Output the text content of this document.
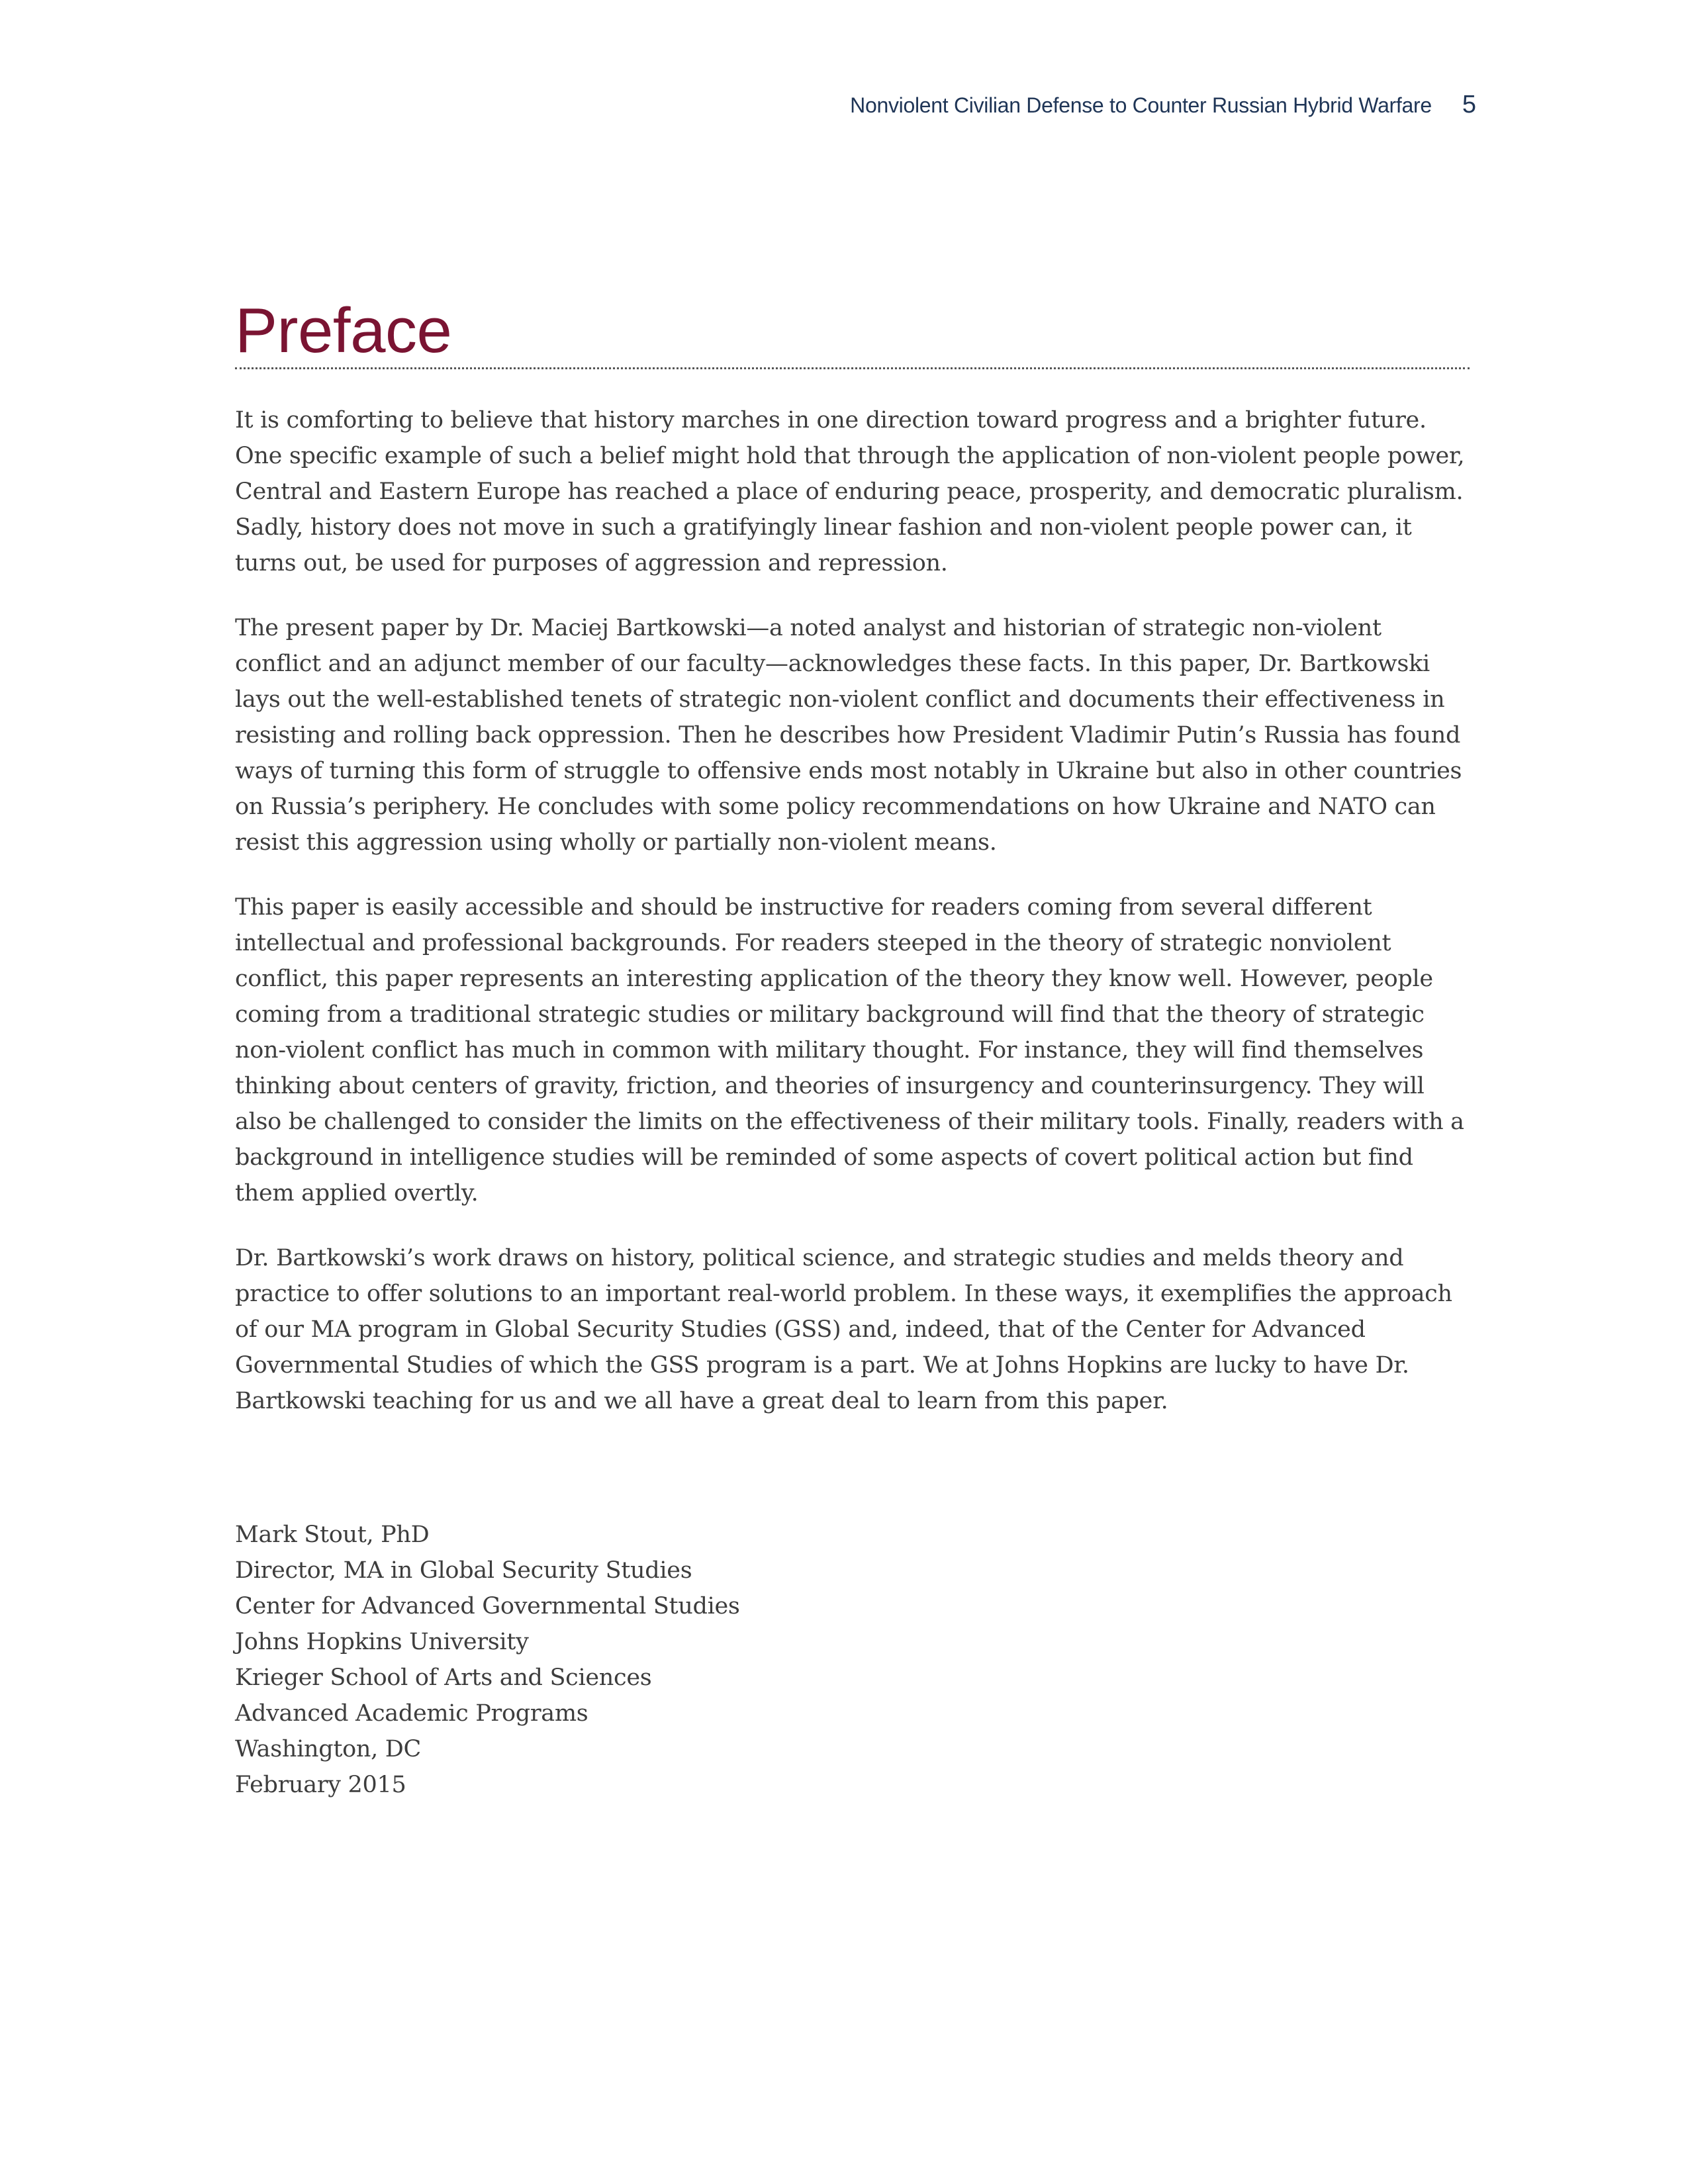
Nonviolent Civilian Defense to Counter Russian Hybrid Warfare 5
Preface

It is comforting to believe that history marches in one direction toward progress and a brighter future. One specific example of such a belief might hold that through the application of non-violent people power, Central and Eastern Europe has reached a place of enduring peace, prosperity, and democratic pluralism. Sadly, history does not move in such a gratifyingly linear fashion and non-violent people power can, it turns out, be used for purposes of aggression and repression.

The present paper by Dr. Maciej Bartkowski—a noted analyst and historian of strategic non-violent conflict and an adjunct member of our faculty—acknowledges these facts. In this paper, Dr. Bartkowski lays out the well-established tenets of strategic non-violent conflict and documents their effectiveness in resisting and rolling back oppression. Then he describes how President Vladimir Putin’s Russia has found ways of turning this form of struggle to offensive ends most notably in Ukraine but also in other countries on Russia’s periphery. He concludes with some policy recommendations on how Ukraine and NATO can resist this aggression using wholly or partially non-violent means.

This paper is easily accessible and should be instructive for readers coming from several different intellectual and professional backgrounds. For readers steeped in the theory of strategic nonviolent conflict, this paper represents an interesting application of the theory they know well. However, people coming from a traditional strategic studies or military background will find that the theory of strategic non-violent conflict has much in common with military thought. For instance, they will find themselves thinking about centers of gravity, friction, and theories of insurgency and counterinsurgency. They will also be challenged to consider the limits on the effectiveness of their military tools. Finally, readers with a background in intelligence studies will be reminded of some aspects of covert political action but find them applied overtly.

Dr. Bartkowski’s work draws on history, political science, and strategic studies and melds theory and practice to offer solutions to an important real-world problem. In these ways, it exemplifies the approach of our MA program in Global Security Studies (GSS) and, indeed, that of the Center for Advanced Governmental Studies of which the GSS program is a part. We at Johns Hopkins are lucky to have Dr. Bartkowski teaching for us and we all have a great deal to learn from this paper.

Mark Stout, PhD
Director, MA in Global Security Studies
Center for Advanced Governmental Studies
Johns Hopkins University
Krieger School of Arts and Sciences
Advanced Academic Programs
Washington, DC
February 2015
